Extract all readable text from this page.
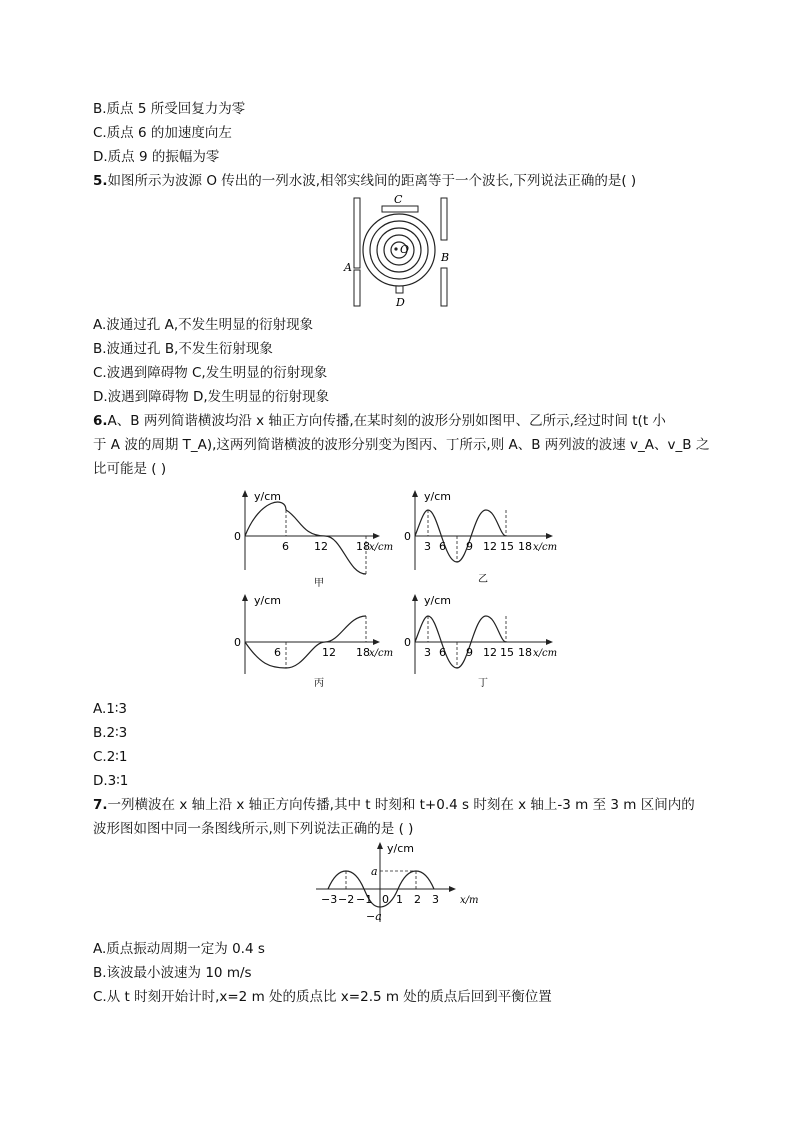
B.质点 5 所受回复力为零
C.质点 6 的加速度向左
D.质点 9 的振幅为零
5.如图所示为波源 O 传出的一列水波,相邻实线间的距离等于一个波长,下列说法正确的是( )
O
C
D
A
B
A.波通过孔 A,不发生明显的衍射现象
B.波通过孔 B,不发生衍射现象
C.波遇到障碍物 C,发生明显的衍射现象
D.波遇到障碍物 D,发生明显的衍射现象
6.A、B 两列简谐横波均沿 x 轴正方向传播,在某时刻的波形分别如图甲、乙所示,经过时间 t(t 小
于 A 波的周期 T_A),这两列简谐横波的波形分别变为图丙、丁所示,则 A、B 两列波的波速 v_A、v_B 之
比可能是 ( )
y/cm
0
6 12	18 x/cm
甲
y/cm
0
3 6 9 12 15 18 x/cm
乙
y/cm
0
6	12 18 x/cm
丙
y/cm
0
3 6 9 12 15 18 x/cm
丁
A.1∶3
B.2∶3
C.2∶1
D.3∶1
7.一列横波在 x 轴上沿 x 轴正方向传播,其中 t 时刻和 t+0.4 s 时刻在 x 轴上-3 m 至 3 m 区间内的
波形图如图中同一条图线所示,则下列说法正确的是 ( )
y/cm
a
−a
−3 −2 −1 0 1 2 3 x/m
A.质点振动周期一定为 0.4 s
B.该波最小波速为 10 m/s
C.从 t 时刻开始计时,x=2 m 处的质点比 x=2.5 m 处的质点后回到平衡位置
